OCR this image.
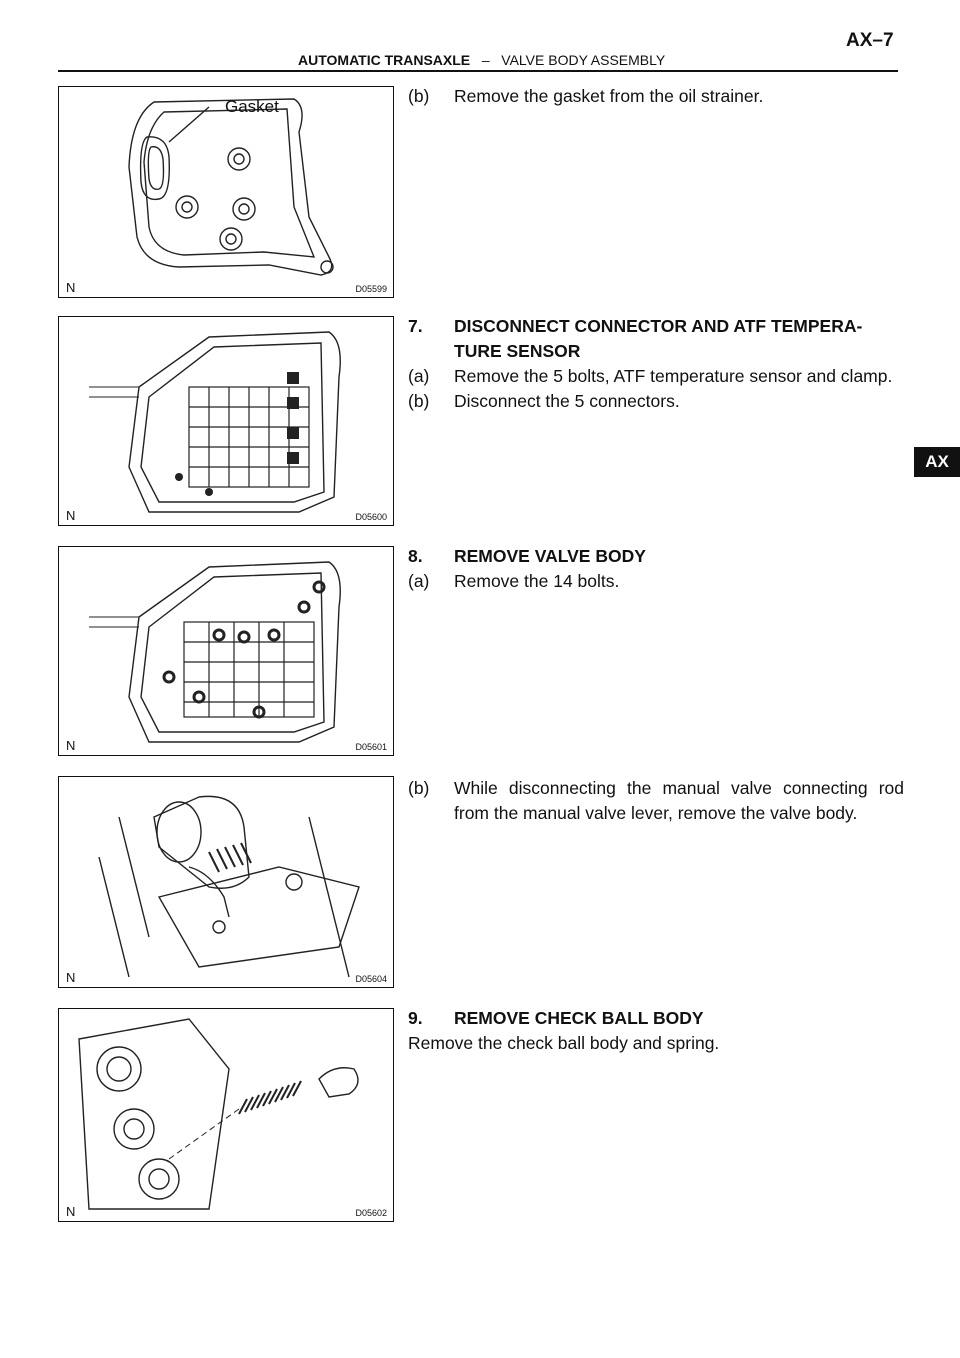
AX–7
AUTOMATIC TRANSAXLE – VALVE BODY ASSEMBLY
AX
Gasket
N	D05599
N	D05600
N	D05601
N	D05604
N	D05602
(b)	Remove the gasket from the oil strainer.
7.	DISCONNECT CONNECTOR AND ATF TEMPERA-
TURE SENSOR
(a)	Remove the 5 bolts, ATF temperature sensor and clamp.
(b)	Disconnect the 5 connectors.
8.	REMOVE VALVE BODY
(a)	Remove the 14 bolts.
(b)	While disconnecting the manual valve connecting rod from the manual valve lever, remove the valve body.
9.	REMOVE CHECK BALL BODY
Remove the check ball body and spring.
